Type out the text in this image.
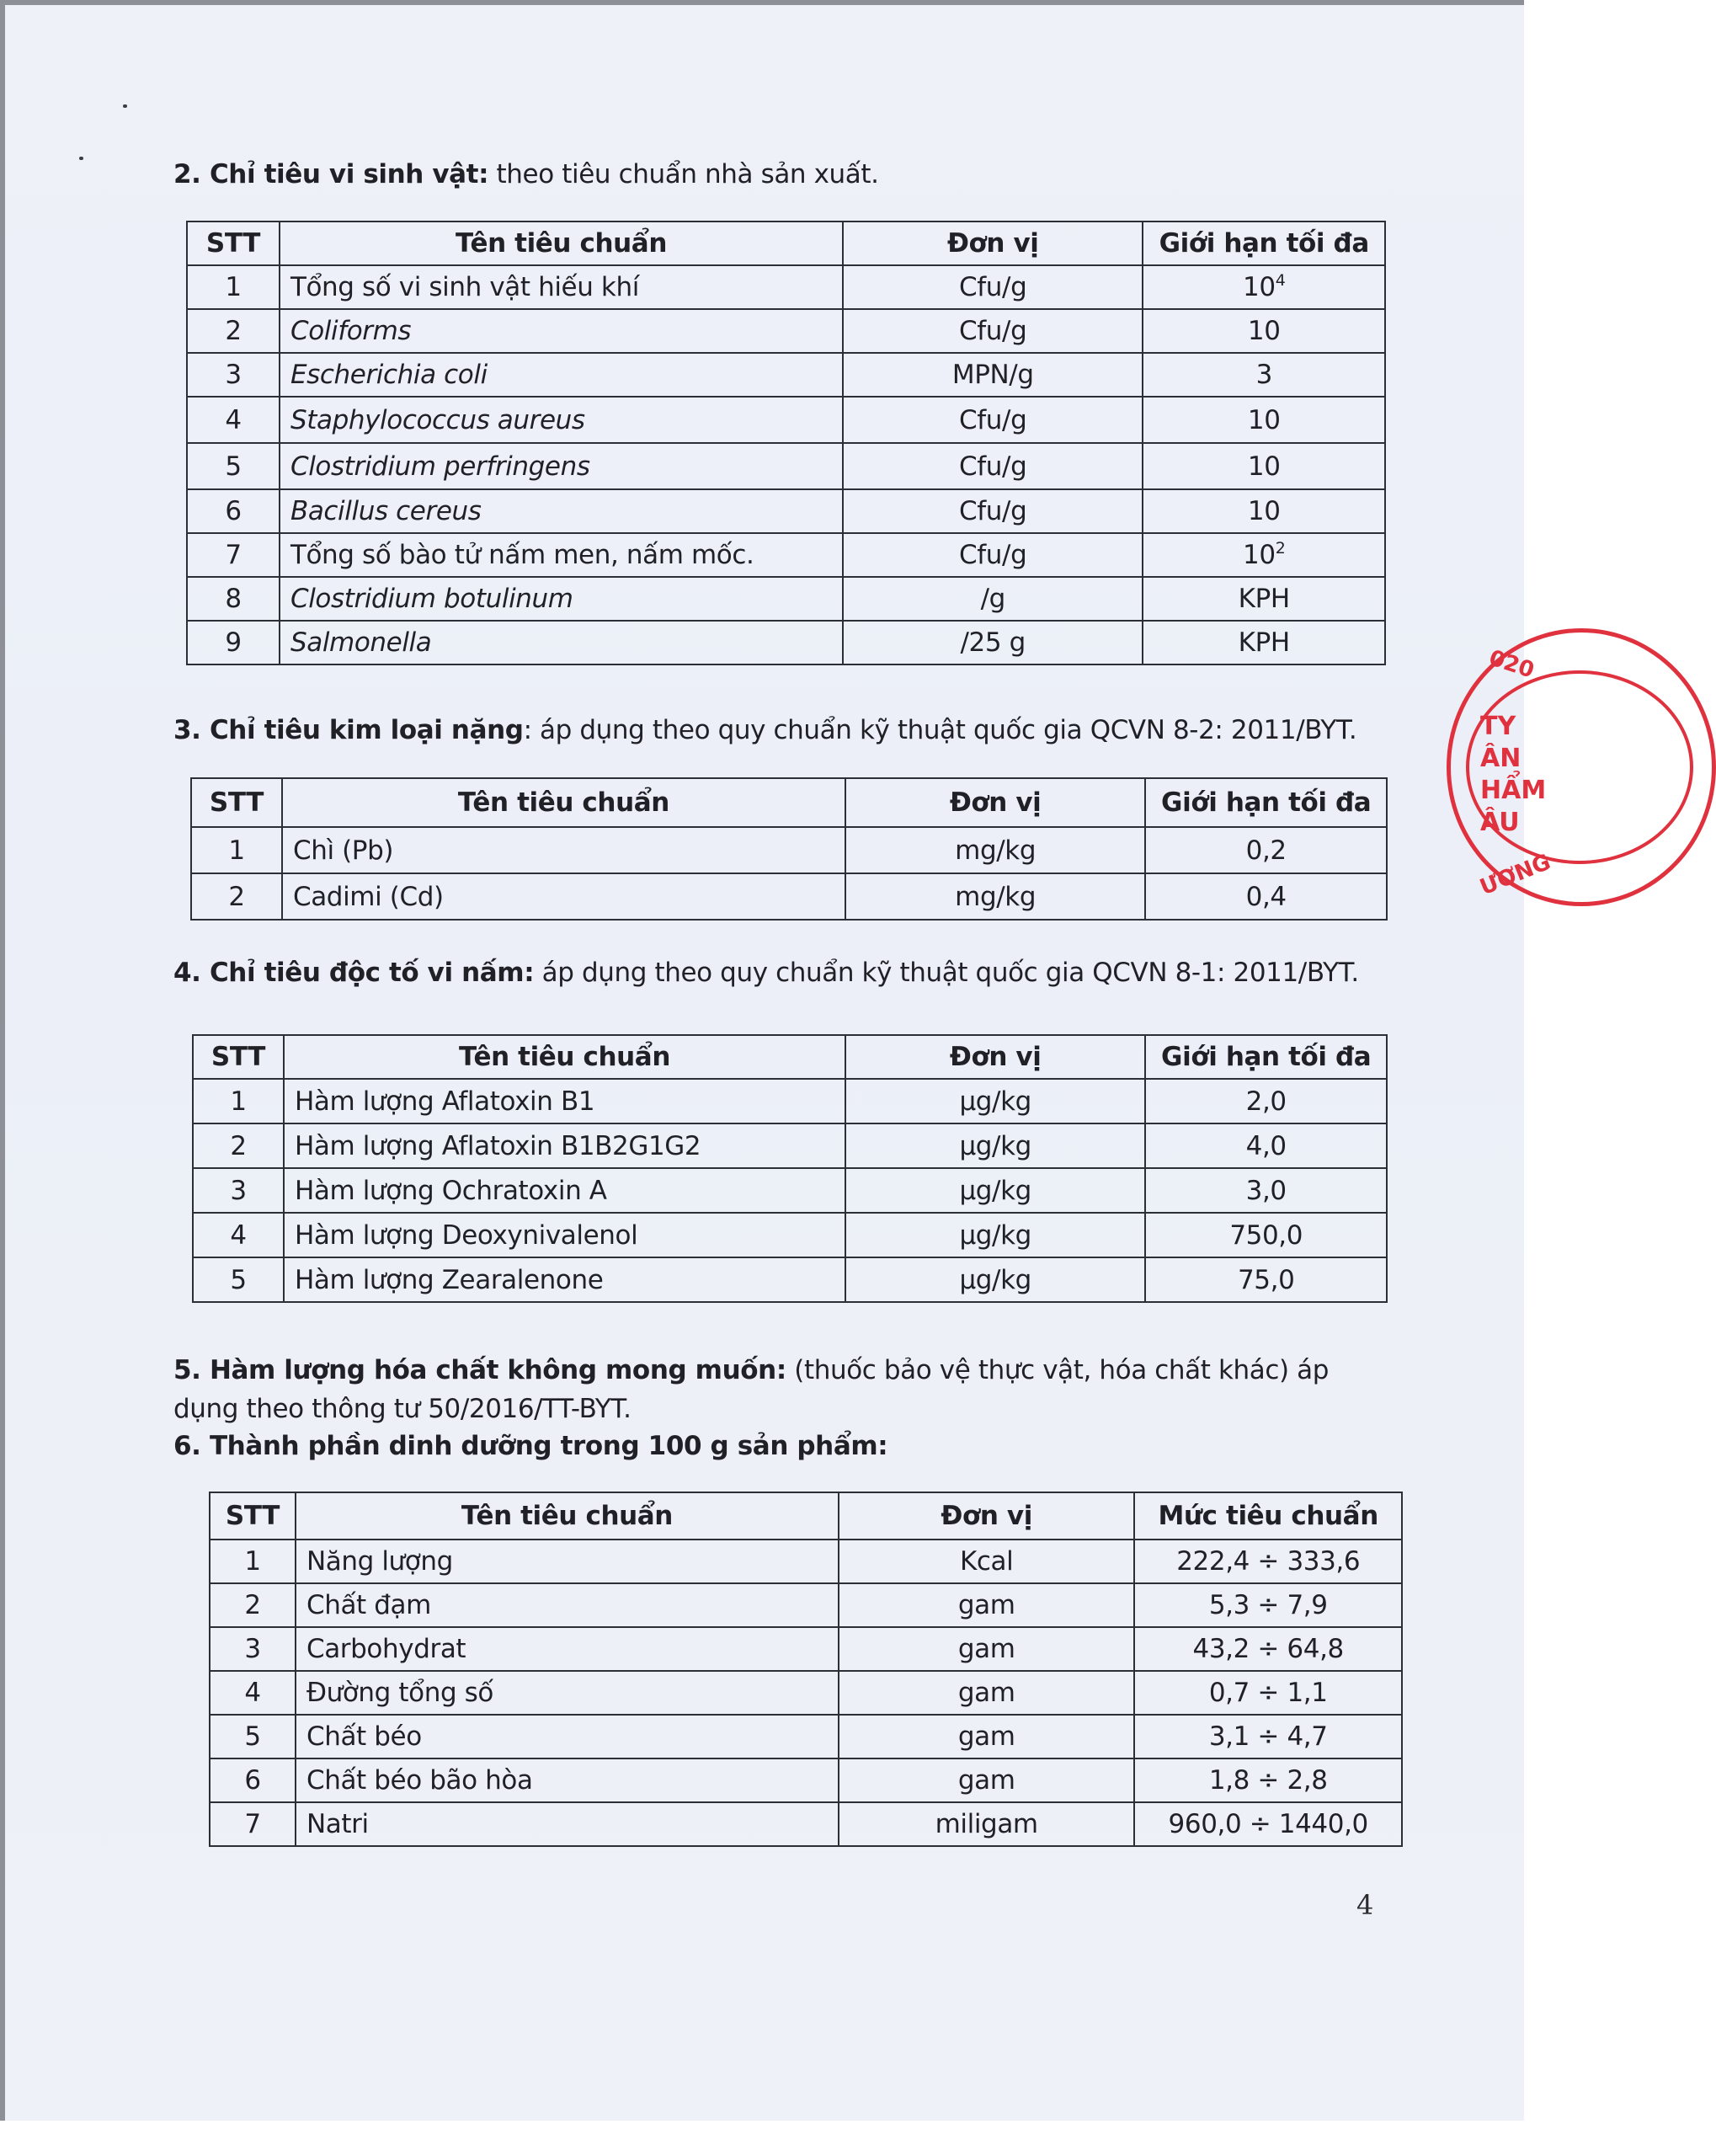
2. Chỉ tiêu vi sinh vật: theo tiêu chuẩn nhà sản xuất.
STT	Tên tiêu chuẩn	Đơn vị	Giới hạn tối đa
1	Tổng số vi sinh vật hiếu khí	Cfu/g	$10^4$
2	Coliforms	Cfu/g	10
3	Escherichia coli	MPN/g	3
4	Staphylococcus aureus	Cfu/g	10
5	Clostridium perfringens	Cfu/g	10
6	Bacillus cereus	Cfu/g	10
7	Tổng số bào tử nấm men, nấm mốc.	Cfu/g	$10^2$
8	Clostridium botulinum	/g	KPH
9	Salmonella	/25 g	KPH
3. Chỉ tiêu kim loại nặng: áp dụng theo quy chuẩn kỹ thuật quốc gia QCVN 8-2: 2011/BYT.
STT	Tên tiêu chuẩn	Đơn vị	Giới hạn tối đa
1	Chì (Pb)	mg/kg	0,2
2	Cadimi (Cd)	mg/kg	0,4
4. Chỉ tiêu độc tố vi nấm: áp dụng theo quy chuẩn kỹ thuật quốc gia QCVN 8-1: 2011/BYT.
STT	Tên tiêu chuẩn	Đơn vị	Giới hạn tối đa
1	Hàm lượng Aflatoxin B1	µg/kg	2,0
2	Hàm lượng Aflatoxin B1B2G1G2	µg/kg	4,0
3	Hàm lượng Ochratoxin A	µg/kg	3,0
4	Hàm lượng Deoxynivalenol	µg/kg	750,0
5	Hàm lượng Zearalenone	µg/kg	75,0
5. Hàm lượng hóa chất không mong muốn: (thuốc bảo vệ thực vật, hóa chất khác) áp dụng theo thông tư 50/2016/TT-BYT.
6. Thành phần dinh dưỡng trong 100 g sản phẩm:
STT	Tên tiêu chuẩn	Đơn vị	Mức tiêu chuẩn
1	Năng lượng	Kcal	222,4 ÷ 333,6
2	Chất đạm	gam	5,3 ÷ 7,9
3	Carbohydrat	gam	43,2 ÷ 64,8
4	Đường tổng số	gam	0,7 ÷ 1,1
5	Chất béo	gam	3,1 ÷ 4,7
6	Chất béo bão hòa	gam	1,8 ÷ 2,8
7	Natri	miligam	960,0 ÷ 1440,0
4
020
TY
ÂN
HẨM
ÂU
ƯƠNG
